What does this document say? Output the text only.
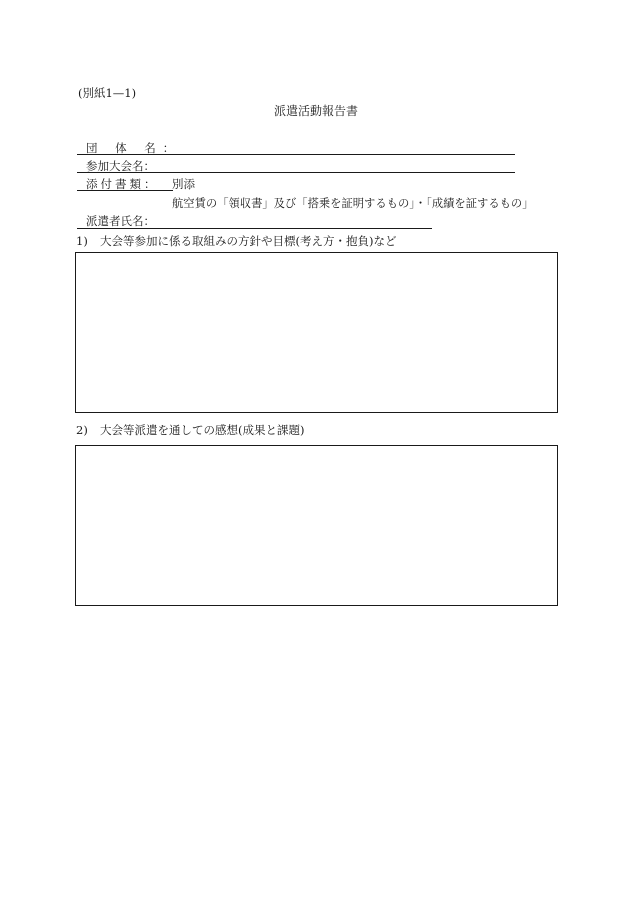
(別紙1—1)
派遣活動報告書
団 体 名：
参加大会名：
添付書類： 別添
航空賃の「領収書」及び「搭乗を証明するもの」・「成績を証するもの」
派遣者氏名：
1) 大会等参加に係る取組みの方針や目標(考え方・抱負)など
2) 大会等派遣を通しての感想(成果と課題)
